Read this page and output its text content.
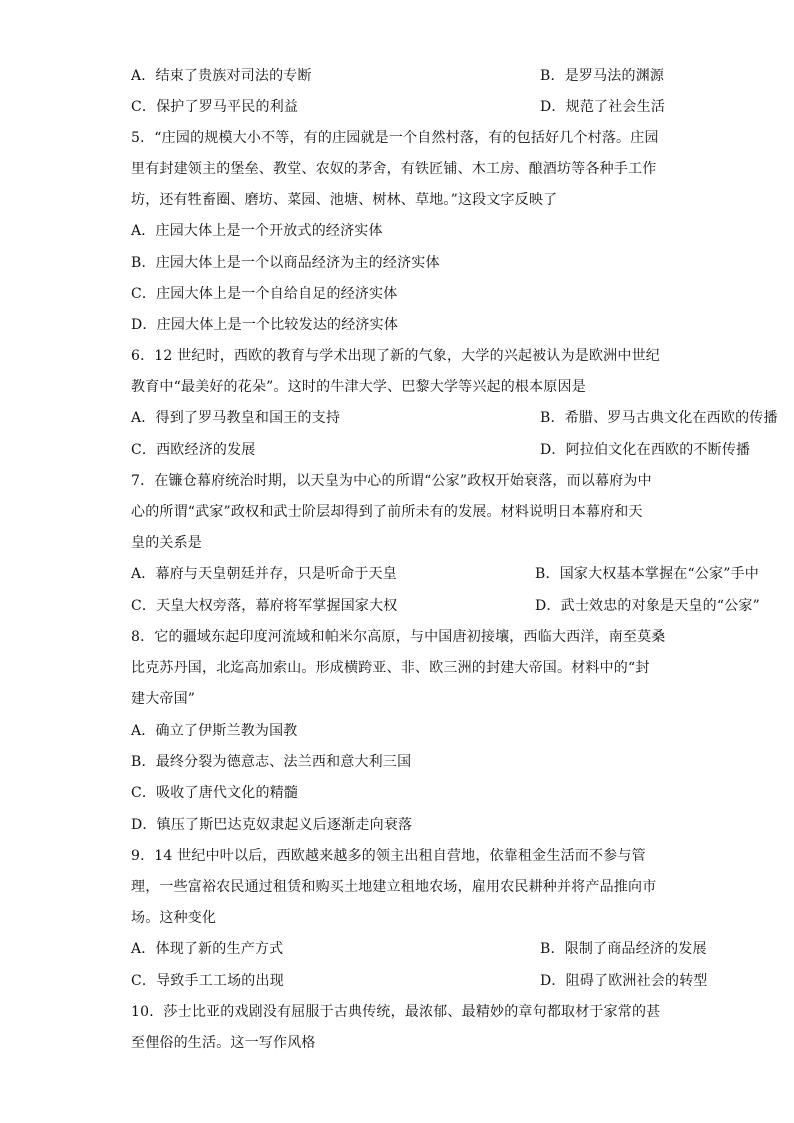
A．结束了贵族对司法的专断	B．是罗马法的渊源
C．保护了罗马平民的利益	D．规范了社会生活
5．“庄园的规模大小不等，有的庄园就是一个自然村落，有的包括好几个村落。庄园
里有封建领主的堡垒、教堂、农奴的茅舍，有铁匠铺、木工房、酿酒坊等各种手工作
坊，还有牲畜圈、磨坊、菜园、池塘、树林、草地。”这段文字反映了
A．庄园大体上是一个开放式的经济实体
B．庄园大体上是一个以商品经济为主的经济实体
C．庄园大体上是一个自给自足的经济实体
D．庄园大体上是一个比较发达的经济实体
6．12 世纪时，西欧的教育与学术出现了新的气象，大学的兴起被认为是欧洲中世纪
教育中“最美好的花朵”。这时的牛津大学、巴黎大学等兴起的根本原因是
A．得到了罗马教皇和国王的支持	B．希腊、罗马古典文化在西欧的传播
C．西欧经济的发展	D．阿拉伯文化在西欧的不断传播
7．在镰仓幕府统治时期，以天皇为中心的所谓“公家”政权开始衰落，而以幕府为中
心的所谓“武家”政权和武士阶层却得到了前所未有的发展。材料说明日本幕府和天
皇的关系是
A．幕府与天皇朝廷并存，只是听命于天皇	B．国家大权基本掌握在“公家”手中
C．天皇大权旁落，幕府将军掌握国家大权	D．武士效忠的对象是天皇的“公家”
8．它的疆域东起印度河流域和帕米尔高原，与中国唐初接壤，西临大西洋，南至莫桑
比克苏丹国，北迄高加索山。形成横跨亚、非、欧三洲的封建大帝国。材料中的“封
建大帝国”
A．确立了伊斯兰教为国教
B．最终分裂为德意志、法兰西和意大利三国
C．吸收了唐代文化的精髓
D．镇压了斯巴达克奴隶起义后逐渐走向衰落
9．14 世纪中叶以后，西欧越来越多的领主出租自营地，依靠租金生活而不参与管
理，一些富裕农民通过租赁和购买土地建立租地农场，雇用农民耕种并将产品推向市
场。这种变化
A．体现了新的生产方式	B．限制了商品经济的发展
C．导致手工工场的出现	D．阻碍了欧洲社会的转型
10．莎士比亚的戏剧没有屈服于古典传统，最浓郁、最精妙的章句都取材于家常的甚
至俚俗的生活。这一写作风格
